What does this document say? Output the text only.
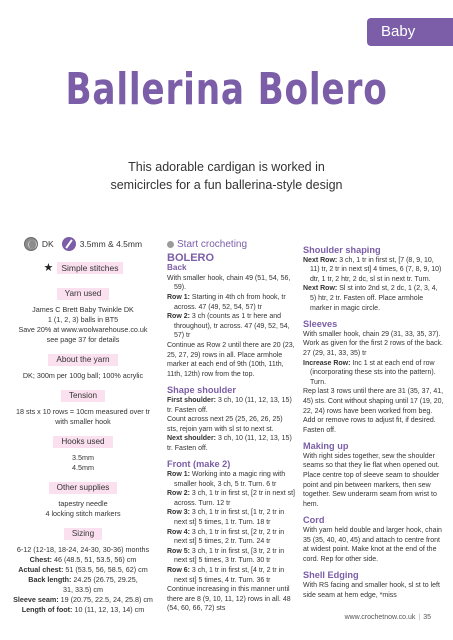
Baby
Ballerina Bolero
This adorable cardigan is worked in
semicircles for a fun ballerina-style design
DK	3.5mm & 4.5mm
★ Simple stitches
Yarn used

James C Brett Baby Twinkle DK

1 (1, 2, 3) balls in BT5

Save 20% at www.woolwarehouse.co.uk

see page 37 for details

About the yarn

DK; 300m per 100g ball; 100% acrylic

Tension

18 sts x 10 rows = 10cm measured over tr

with smaller hook

Hooks used

3.5mm

4.5mm

Other supplies

tapestry needle

4 locking stitch markers

Sizing

6-12 (12-18, 18-24, 24-30, 30-36) months

Chest: 46 (48.5, 51, 53.5, 56) cm

Actual chest: 51 (53.5, 56, 58.5, 62) cm

Back length: 24.25 (26.75, 29.25,

31, 33.5) cm

Sleeve seam: 19 (20.75, 22.5, 24, 25.8) cm

Length of foot: 10 (11, 12, 13, 14) cm

Start crocheting
BOLERO
Back

With smaller hook, chain 49 (51, 54, 56, 59).

Row 1: Starting in 4th ch from hook, tr across. 47 (49, 52, 54, 57) tr

Row 2: 3 ch (counts as 1 tr here and throughout), tr across. 47 (49, 52, 54, 57) tr

Continue as Row 2 until there are 20 (23, 25, 27, 29) rows in all. Place armhole marker at each end of 9th (10th, 11th, 11th, 12th) row from the top.

Shape shoulder

First shoulder: 3 ch, 10 (11, 12, 13, 15) tr. Fasten off.

Count across next 25 (25, 26, 26, 25) sts, rejoin yarn with sl st to next st.

Next shoulder: 3 ch, 10 (11, 12, 13, 15) tr. Fasten off.

Front (make 2)

Row 1: Working into a magic ring with smaller hook, 3 ch, 5 tr. Turn. 6 tr

Row 2: 3 ch, 1 tr in first st, [2 tr in next st] across. Turn. 12 tr

Row 3: 3 ch, 1 tr in first st, [1 tr, 2 tr in next st] 5 times, 1 tr. Turn. 18 tr

Row 4: 3 ch, 1 tr in first st, [2 tr, 2 tr in next st] 5 times, 2 tr. Turn. 24 tr

Row 5: 3 ch, 1 tr in first st, [3 tr, 2 tr in next st] 5 times, 3 tr. Turn. 30 tr

Row 6: 3 ch, 1 tr in first st, [4 tr, 2 tr in next st] 5 times, 4 tr. Turn. 36 tr

Continue increasing in this manner until there are 8 (9, 10, 11, 12) rows in all. 48 (54, 60, 66, 72) sts

Shoulder shaping

Next Row: 3 ch, 1 tr in first st, [7 (8, 9, 10, 11) tr, 2 tr in next st] 4 times, 6 (7, 8, 9, 10) dtr, 1 tr, 2 htr, 2 dc, sl st in next tr. Turn.

Next Row: Sl st into 2nd st, 2 dc, 1 (2, 3, 4, 5) htr, 2 tr. Fasten off. Place armhole marker in magic circle.

Sleeves

With smaller hook, chain 29 (31, 33, 35, 37). Work as given for the first 2 rows of the back. 27 (29, 31, 33, 35) tr

Increase Row: Inc 1 st at each end of row (incorporating these sts into the pattern). Turn.

Rep last 3 rows until there are 31 (35, 37, 41, 45) sts. Cont without shaping until 17 (19, 20, 22, 24) rows have been worked from beg. Add or remove rows to adjust fit, if desired.

Fasten off.

Making up

With right sides together, sew the shoulder seams so that they lie flat when opened out. Place centre top of sleeve seam to shoulder point and pin between markers, then sew together. Sew underarm seam from wrist to hem.

Cord

With yarn held double and larger hook, chain 35 (35, 40, 40, 45) and attach to centre front at widest point. Make knot at the end of the cord. Rep for other side.

Shell Edging

With RS facing and smaller hook, sl st to left side seam at hem edge, *miss

www.crochetnow.co.uk | 35
